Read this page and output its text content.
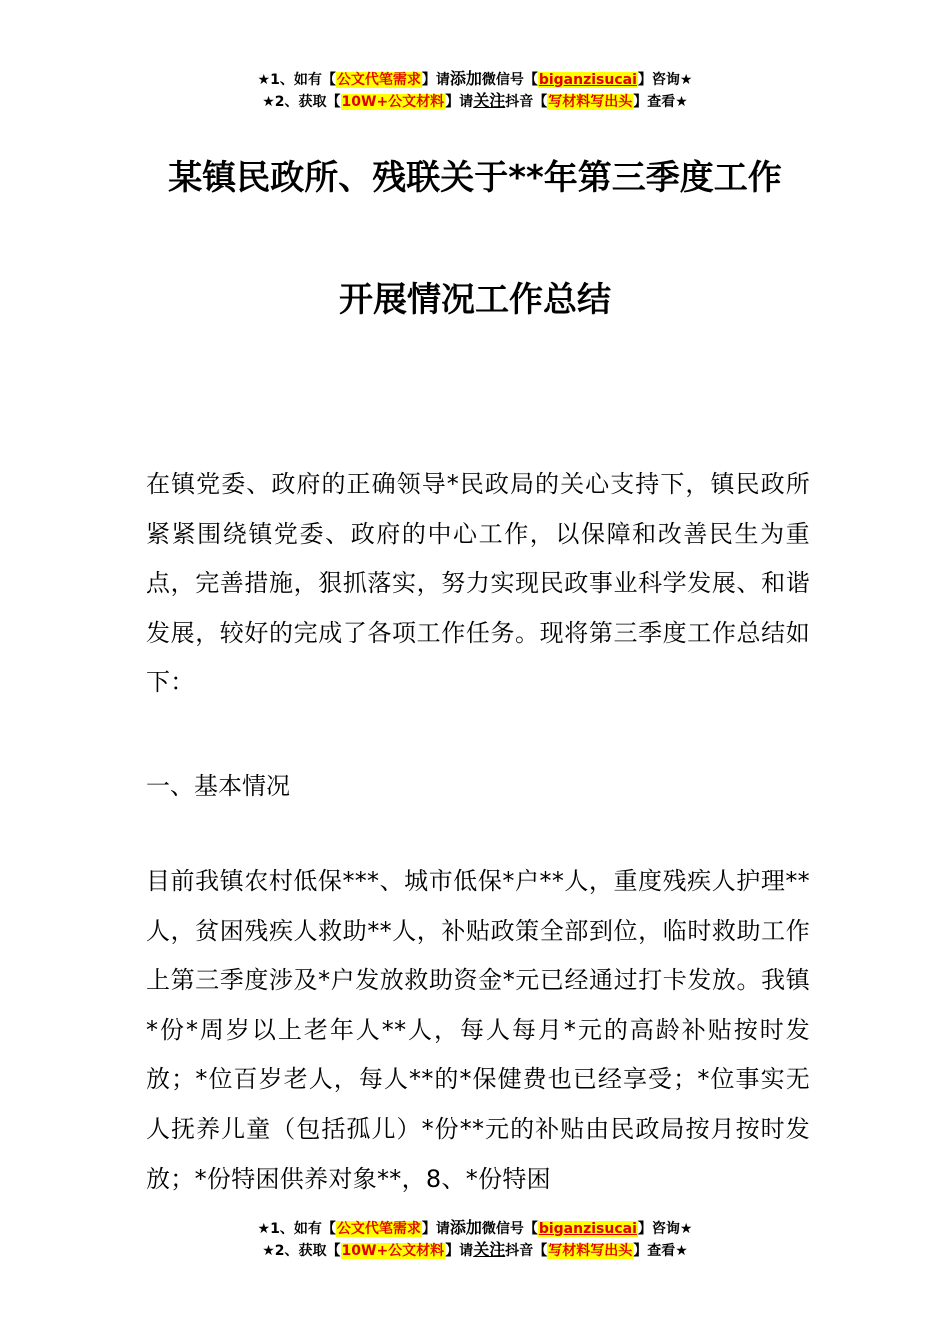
★1、如有【公文代笔需求】请添加微信号【biganzisucai】咨询★
★2、获取【10W+公文材料】请关注抖音【写材料写出头】查看★
某镇民政所、残联关于**年第三季度工作
开展情况工作总结
在镇党委、政府的正确领导*民政局的关心支持下，镇民政所紧紧围绕镇党委、政府的中心工作，以保障和改善民生为重点，完善措施，狠抓落实，努力实现民政事业科学发展、和谐发展，较好的完成了各项工作任务。现将第三季度工作总结如下：
一、基本情况
目前我镇农村低保***、城市低保*户**人，重度残疾人护理**人，贫困残疾人救助**人，补贴政策全部到位，临时救助工作上第三季度涉及*户发放救助资金*元已经通过打卡发放。我镇*份*周岁以上老年人**人，每人每月*元的高龄补贴按时发放；*位百岁老人，每人**的*保健费也已经享受；*位事实无人抚养儿童（包括孤儿）*份**元的补贴由民政局按月按时发放；*份特困供养对象**，8、*份特困
★1、如有【公文代笔需求】请添加微信号【biganzisucai】咨询★
★2、获取【10W+公文材料】请关注抖音【写材料写出头】查看★
